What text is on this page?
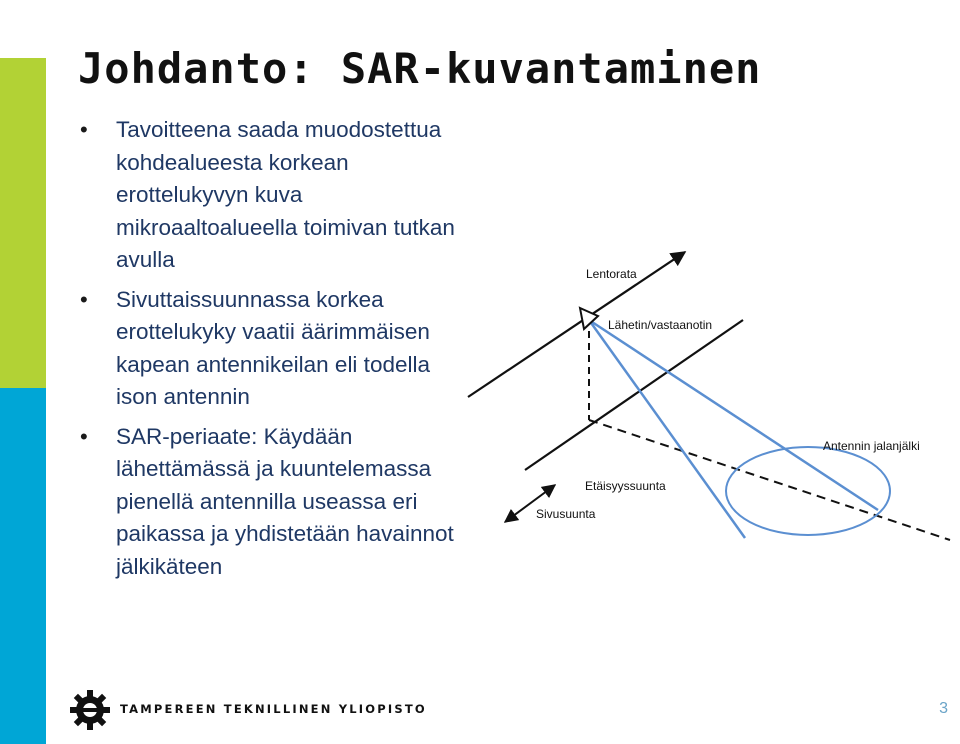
Johdanto: SAR-kuvantaminen
• Tavoitteena saada muodostettua kohdealueesta korkean erottelukyvyn kuva mikroaaltoalueella toimivan tutkan avulla
• Sivuttaissuunnassa korkea erottelukyky vaatii äärimmäisen kapean antennikeilan eli todella ison antennin
• SAR-periaate: Käydään lähettämässä ja kuuntelemassa pienellä antennilla useassa eri paikassa ja yhdistetään havainnot jälkikäteen
Lentorata
Lähetin/vastaanotin
Antennin jalanjälki
Etäisyyssuunta
Sivusuunta
TAMPEREEN TEKNILLINEN YLIOPISTO	3
